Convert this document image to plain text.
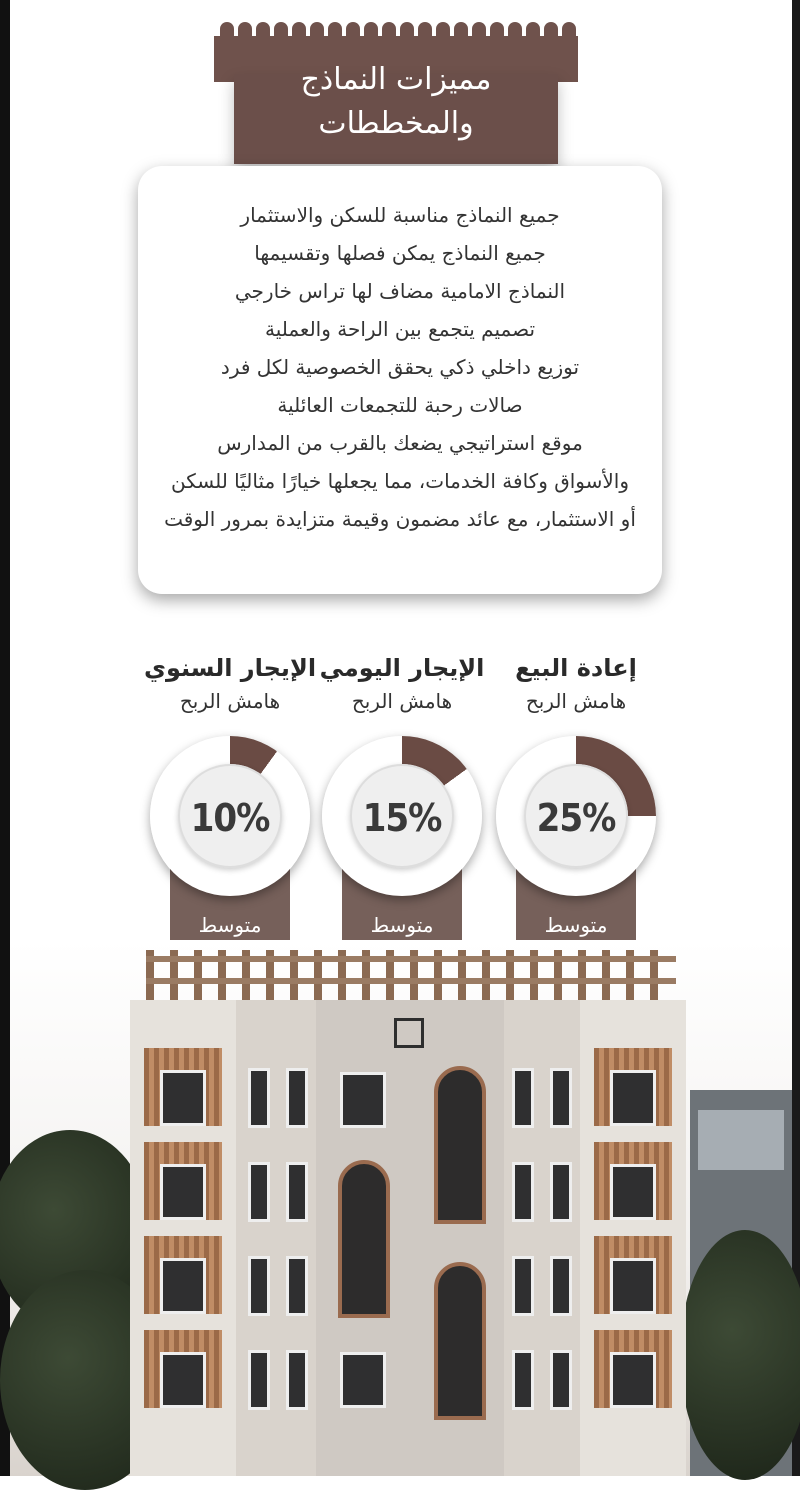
مميزات النماذج
والمخططات
جميع النماذج مناسبة للسكن والاستثمار
جميع النماذج يمكن فصلها وتقسيمها
النماذج الامامية مضاف لها تراس خارجي
تصميم يتجمع بين الراحة والعملية
توزيع داخلي ذكي يحقق الخصوصية لكل فرد
صالات رحبة للتجمعات العائلية
موقع استراتيجي يضعك بالقرب من المدارس
والأسواق وكافة الخدمات، مما يجعلها خيارًا مثاليًا للسكن
أو الاستثمار، مع عائد مضمون وقيمة متزايدة بمرور الوقت
إعادة البيع
هامش الربح
متوسط
25%
الإيجار اليومي
هامش الربح
متوسط
15%
الإيجار السنوي
هامش الربح
متوسط
10%
